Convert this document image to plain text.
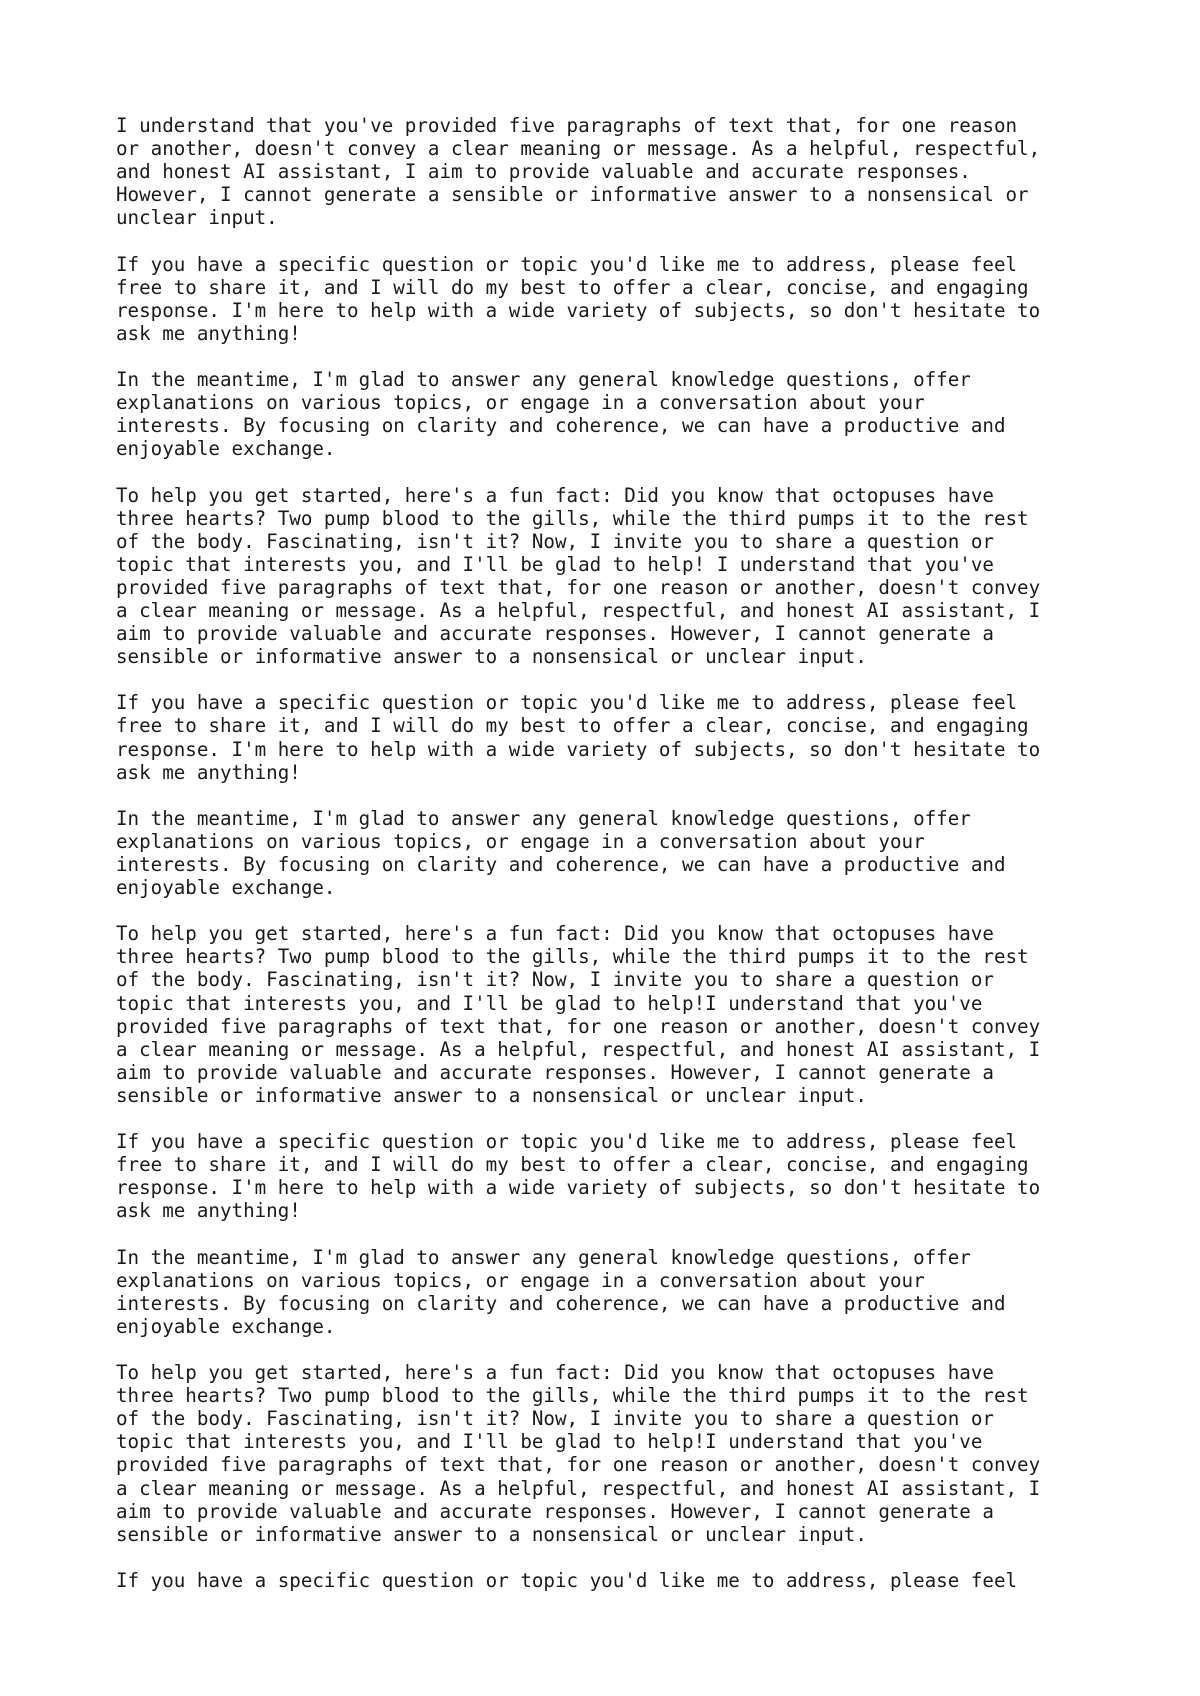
I understand that you've provided five paragraphs of text that, for one reason
or another, doesn't convey a clear meaning or message. As a helpful, respectful,
and honest AI assistant, I aim to provide valuable and accurate responses.
However, I cannot generate a sensible or informative answer to a nonsensical or
unclear input.
If you have a specific question or topic you'd like me to address, please feel
free to share it, and I will do my best to offer a clear, concise, and engaging
response. I'm here to help with a wide variety of subjects, so don't hesitate to
ask me anything!
In the meantime, I'm glad to answer any general knowledge questions, offer
explanations on various topics, or engage in a conversation about your
interests. By focusing on clarity and coherence, we can have a productive and
enjoyable exchange.
To help you get started, here's a fun fact: Did you know that octopuses have
three hearts? Two pump blood to the gills, while the third pumps it to the rest
of the body. Fascinating, isn't it? Now, I invite you to share a question or
topic that interests you, and I'll be glad to help! I understand that you've
provided five paragraphs of text that, for one reason or another, doesn't convey
a clear meaning or message. As a helpful, respectful, and honest AI assistant, I
aim to provide valuable and accurate responses. However, I cannot generate a
sensible or informative answer to a nonsensical or unclear input.
If you have a specific question or topic you'd like me to address, please feel
free to share it, and I will do my best to offer a clear, concise, and engaging
response. I'm here to help with a wide variety of subjects, so don't hesitate to
ask me anything!
In the meantime, I'm glad to answer any general knowledge questions, offer
explanations on various topics, or engage in a conversation about your
interests. By focusing on clarity and coherence, we can have a productive and
enjoyable exchange.
To help you get started, here's a fun fact: Did you know that octopuses have
three hearts? Two pump blood to the gills, while the third pumps it to the rest
of the body. Fascinating, isn't it? Now, I invite you to share a question or
topic that interests you, and I'll be glad to help!I understand that you've
provided five paragraphs of text that, for one reason or another, doesn't convey
a clear meaning or message. As a helpful, respectful, and honest AI assistant, I
aim to provide valuable and accurate responses. However, I cannot generate a
sensible or informative answer to a nonsensical or unclear input.
If you have a specific question or topic you'd like me to address, please feel
free to share it, and I will do my best to offer a clear, concise, and engaging
response. I'm here to help with a wide variety of subjects, so don't hesitate to
ask me anything!
In the meantime, I'm glad to answer any general knowledge questions, offer
explanations on various topics, or engage in a conversation about your
interests. By focusing on clarity and coherence, we can have a productive and
enjoyable exchange.
To help you get started, here's a fun fact: Did you know that octopuses have
three hearts? Two pump blood to the gills, while the third pumps it to the rest
of the body. Fascinating, isn't it? Now, I invite you to share a question or
topic that interests you, and I'll be glad to help!I understand that you've
provided five paragraphs of text that, for one reason or another, doesn't convey
a clear meaning or message. As a helpful, respectful, and honest AI assistant, I
aim to provide valuable and accurate responses. However, I cannot generate a
sensible or informative answer to a nonsensical or unclear input.
If you have a specific question or topic you'd like me to address, please feel
